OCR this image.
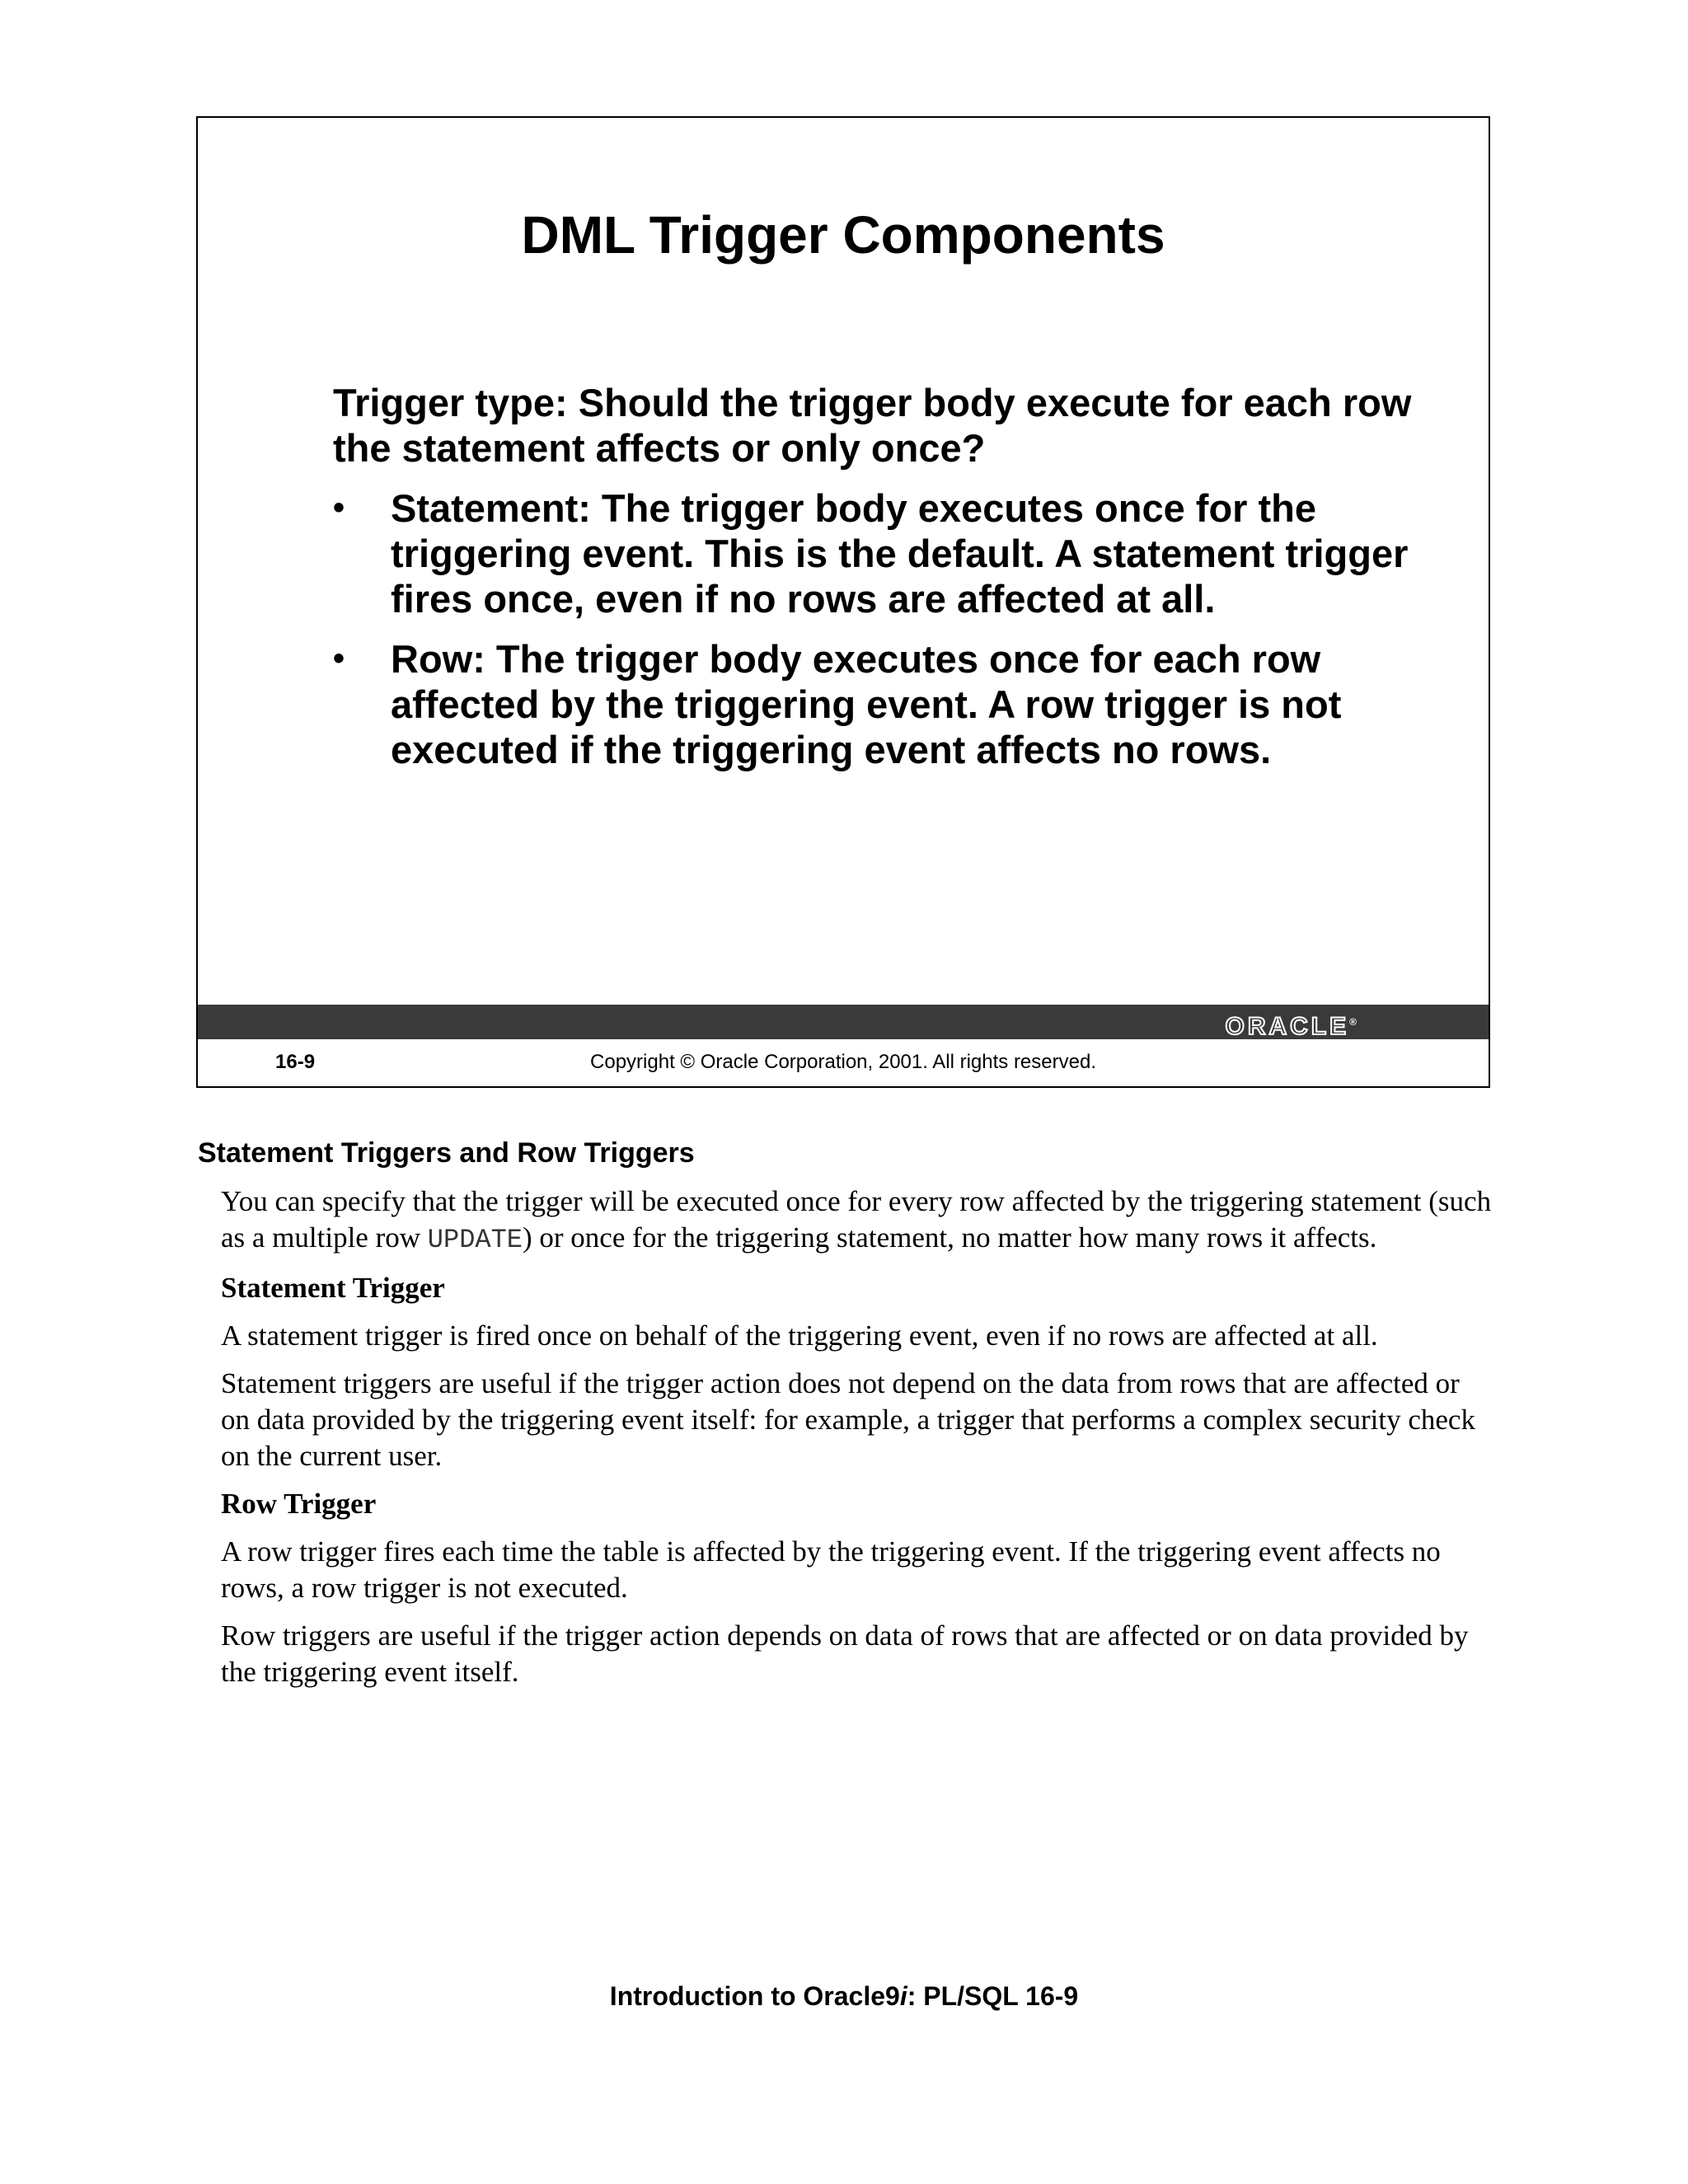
DML Trigger Components

Trigger type: Should the trigger body execute for each row the statement affects or only once?

• Statement: The trigger body executes once for the triggering event. This is the default. A statement trigger fires once, even if no rows are affected at all.
• Row: The trigger body executes once for each row affected by the triggering event. A row trigger is not executed if the triggering event affects no rows.
ORACLE®
16-9	Copyright © Oracle Corporation, 2001. All rights reserved.
Statement Triggers and Row Triggers

You can specify that the trigger will be executed once for every row affected by the triggering statement (such as a multiple row UPDATE) or once for the triggering statement, no matter how many rows it affects.

Statement Trigger

A statement trigger is fired once on behalf of the triggering event, even if no rows are affected at all.

Statement triggers are useful if the trigger action does not depend on the data from rows that are affected or on data provided by the triggering event itself: for example, a trigger that performs a complex security check on the current user.

Row Trigger

A row trigger fires each time the table is affected by the triggering event. If the triggering event affects no rows, a row trigger is not executed.

Row triggers are useful if the trigger action depends on data of rows that are affected or on data provided by the triggering event itself.

Introduction to Oracle9i: PL/SQL 16-9
